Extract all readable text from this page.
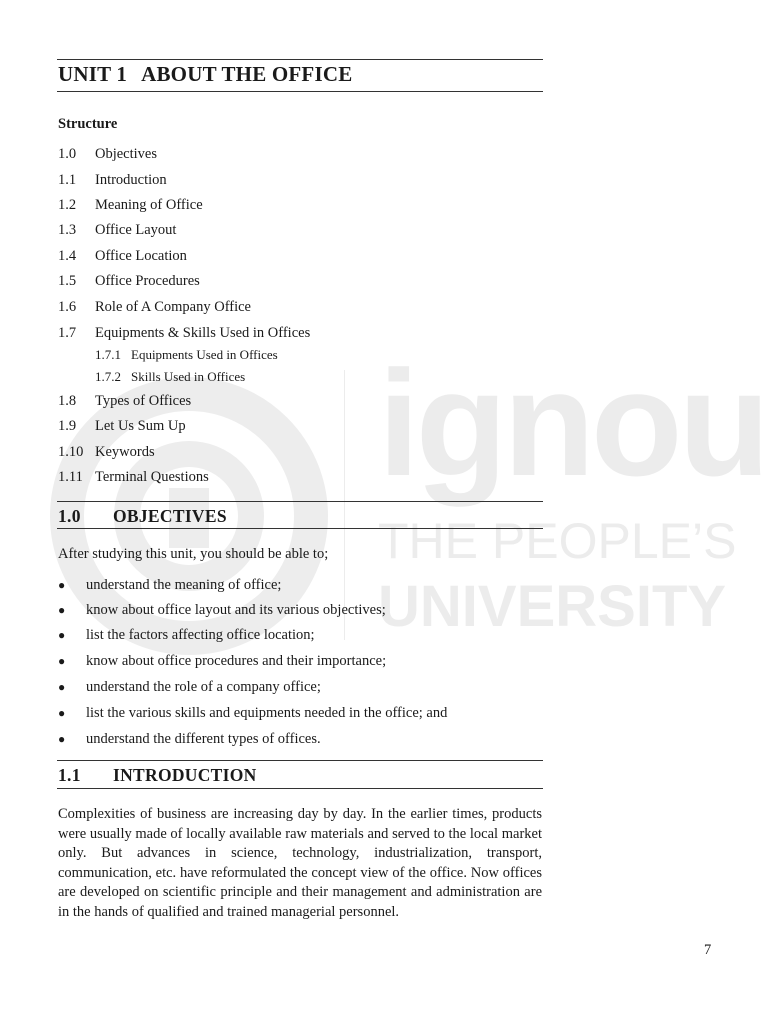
ignou
THE PEOPLE’S
UNIVERSITY
UNIT 1 ABOUT THE OFFICE
Structure
1.0 Objectives
1.1 Introduction
1.2 Meaning of Office
1.3 Office Layout
1.4 Office Location
1.5 Office Procedures
1.6 Role of A Company Office
1.7 Equipments & Skills Used in Offices
1.7.1 Equipments Used in Offices
1.7.2 Skills Used in Offices
1.8 Types of Offices
1.9 Let Us Sum Up
1.10 Keywords
1.11 Terminal Questions
1.0 OBJECTIVES
After studying this unit, you should be able to;
● understand the meaning of office;
● know about office layout and its various objectives;
● list the factors affecting office location;
● know about office procedures and their importance;
● understand the role of a company office;
● list the various skills and equipments needed in the office; and
● understand the different types of offices.
1.1 INTRODUCTION
Complexities of business are increasing day by day. In the earlier times, products were usually made of locally available raw materials and served to the local market only. But advances in science, technology, industrialization, transport, communication, etc. have reformulated the concept view of the office. Now offices are developed on scientific principle and their management and administration are in the hands of qualified and trained managerial personnel.
7
